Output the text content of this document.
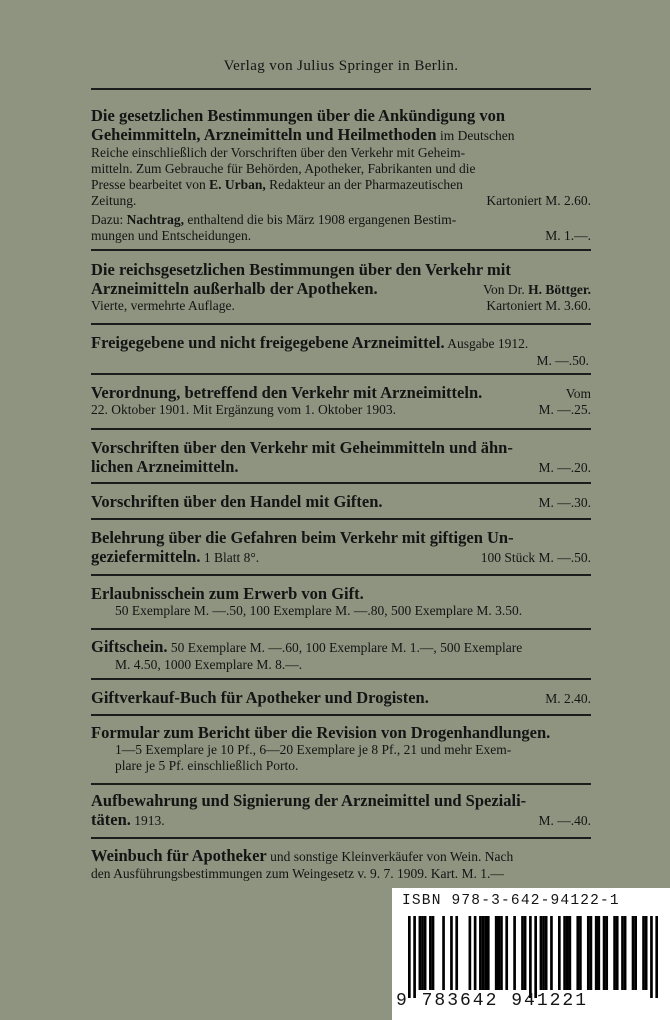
Verlag von Julius Springer in Berlin.
Die gesetzlichen Bestimmungen über die Ankündigung von
Geheimmitteln, Arzneimitteln und Heilmethoden im Deutschen
Reiche einschließlich der Vorschriften über den Verkehr mit Geheim-
mitteln. Zum Gebrauche für Behörden, Apotheker, Fabrikanten und die
Presse bearbeitet von E. Urban, Redakteur an der Pharmazeutischen
Zeitung.	Kartoniert M. 2.60.
Dazu: Nachtrag, enthaltend die bis März 1908 ergangenen Bestim-
mungen und Entscheidungen.	M. 1.—.
Die reichsgesetzlichen Bestimmungen über den Verkehr mit
Arzneimitteln außerhalb der Apotheken.	Von Dr. H. Böttger.
Vierte, vermehrte Auflage.	Kartoniert M. 3.60.
Freigegebene und nicht freigegebene Arzneimittel. Ausgabe 1912.
M. —.50.
Verordnung, betreffend den Verkehr mit Arzneimitteln.	Vom
22. Oktober 1901. Mit Ergänzung vom 1. Oktober 1903.	M. —.25.
Vorschriften über den Verkehr mit Geheimmitteln und ähn-
lichen Arzneimitteln.	M. —.20.
Vorschriften über den Handel mit Giften.	M. —.30.
Belehrung über die Gefahren beim Verkehr mit giftigen Un-
geziefermitteln. 1 Blatt 8°.	100 Stück M. —.50.
Erlaubnisschein zum Erwerb von Gift.
50 Exemplare M. —.50, 100 Exemplare M. —.80, 500 Exemplare M. 3.50.
Giftschein. 50 Exemplare M. —.60, 100 Exemplare M. 1.—, 500 Exemplare
M. 4.50, 1000 Exemplare M. 8.—.
Giftverkauf-Buch für Apotheker und Drogisten.	M. 2.40.
Formular zum Bericht über die Revision von Drogenhandlungen.
1—5 Exemplare je 10 Pf., 6—20 Exemplare je 8 Pf., 21 und mehr Exem-
plare je 5 Pf. einschließlich Porto.
Aufbewahrung und Signierung der Arzneimittel und Speziali-
täten. 1913.	M. —.40.
Weinbuch für Apotheker und sonstige Kleinverkäufer von Wein. Nach
den Ausführungsbestimmungen zum Weingesetz v. 9. 7. 1909. Kart. M. 1.—
ISBN 978-3-642-94122-1
9 783642 941221
